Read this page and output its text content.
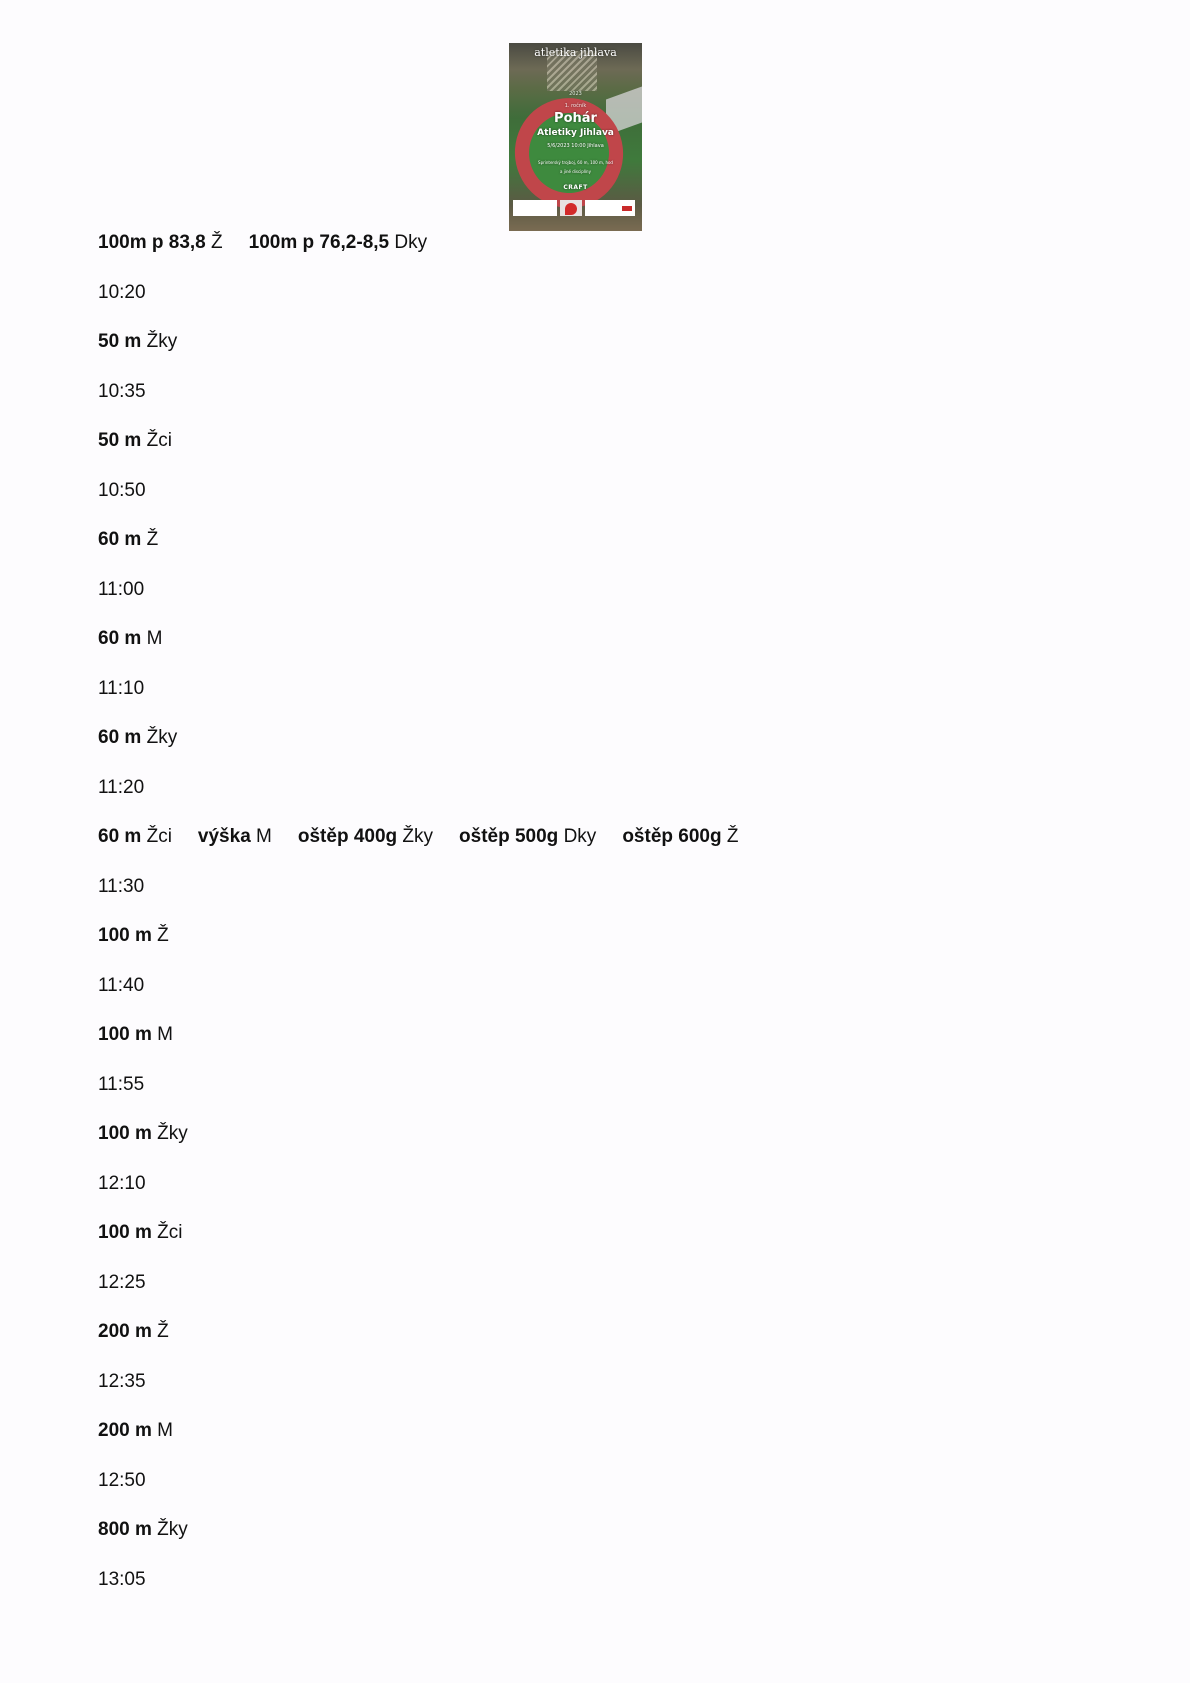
atletika jihlava
2023
1. ročník
Pohár
Atletiky Jihlava
5/6/2023 10:00 Jihlava
Sprinterský trojboj, 60 m, 100 m, hod
a jiné disciplíny
CRAFT
100m p 83,8 Ž 100m p 76,2-8,5 Dky
10:20
50 m Žky
10:35
50 m Žci
10:50
60 m Ž
11:00
60 m M
11:10
60 m Žky
11:20
60 m Žci výška M oštěp 400g Žky oštěp 500g Dky oštěp 600g Ž
11:30
100 m Ž
11:40
100 m M
11:55
100 m Žky
12:10
100 m Žci
12:25
200 m Ž
12:35
200 m M
12:50
800 m Žky
13:05
